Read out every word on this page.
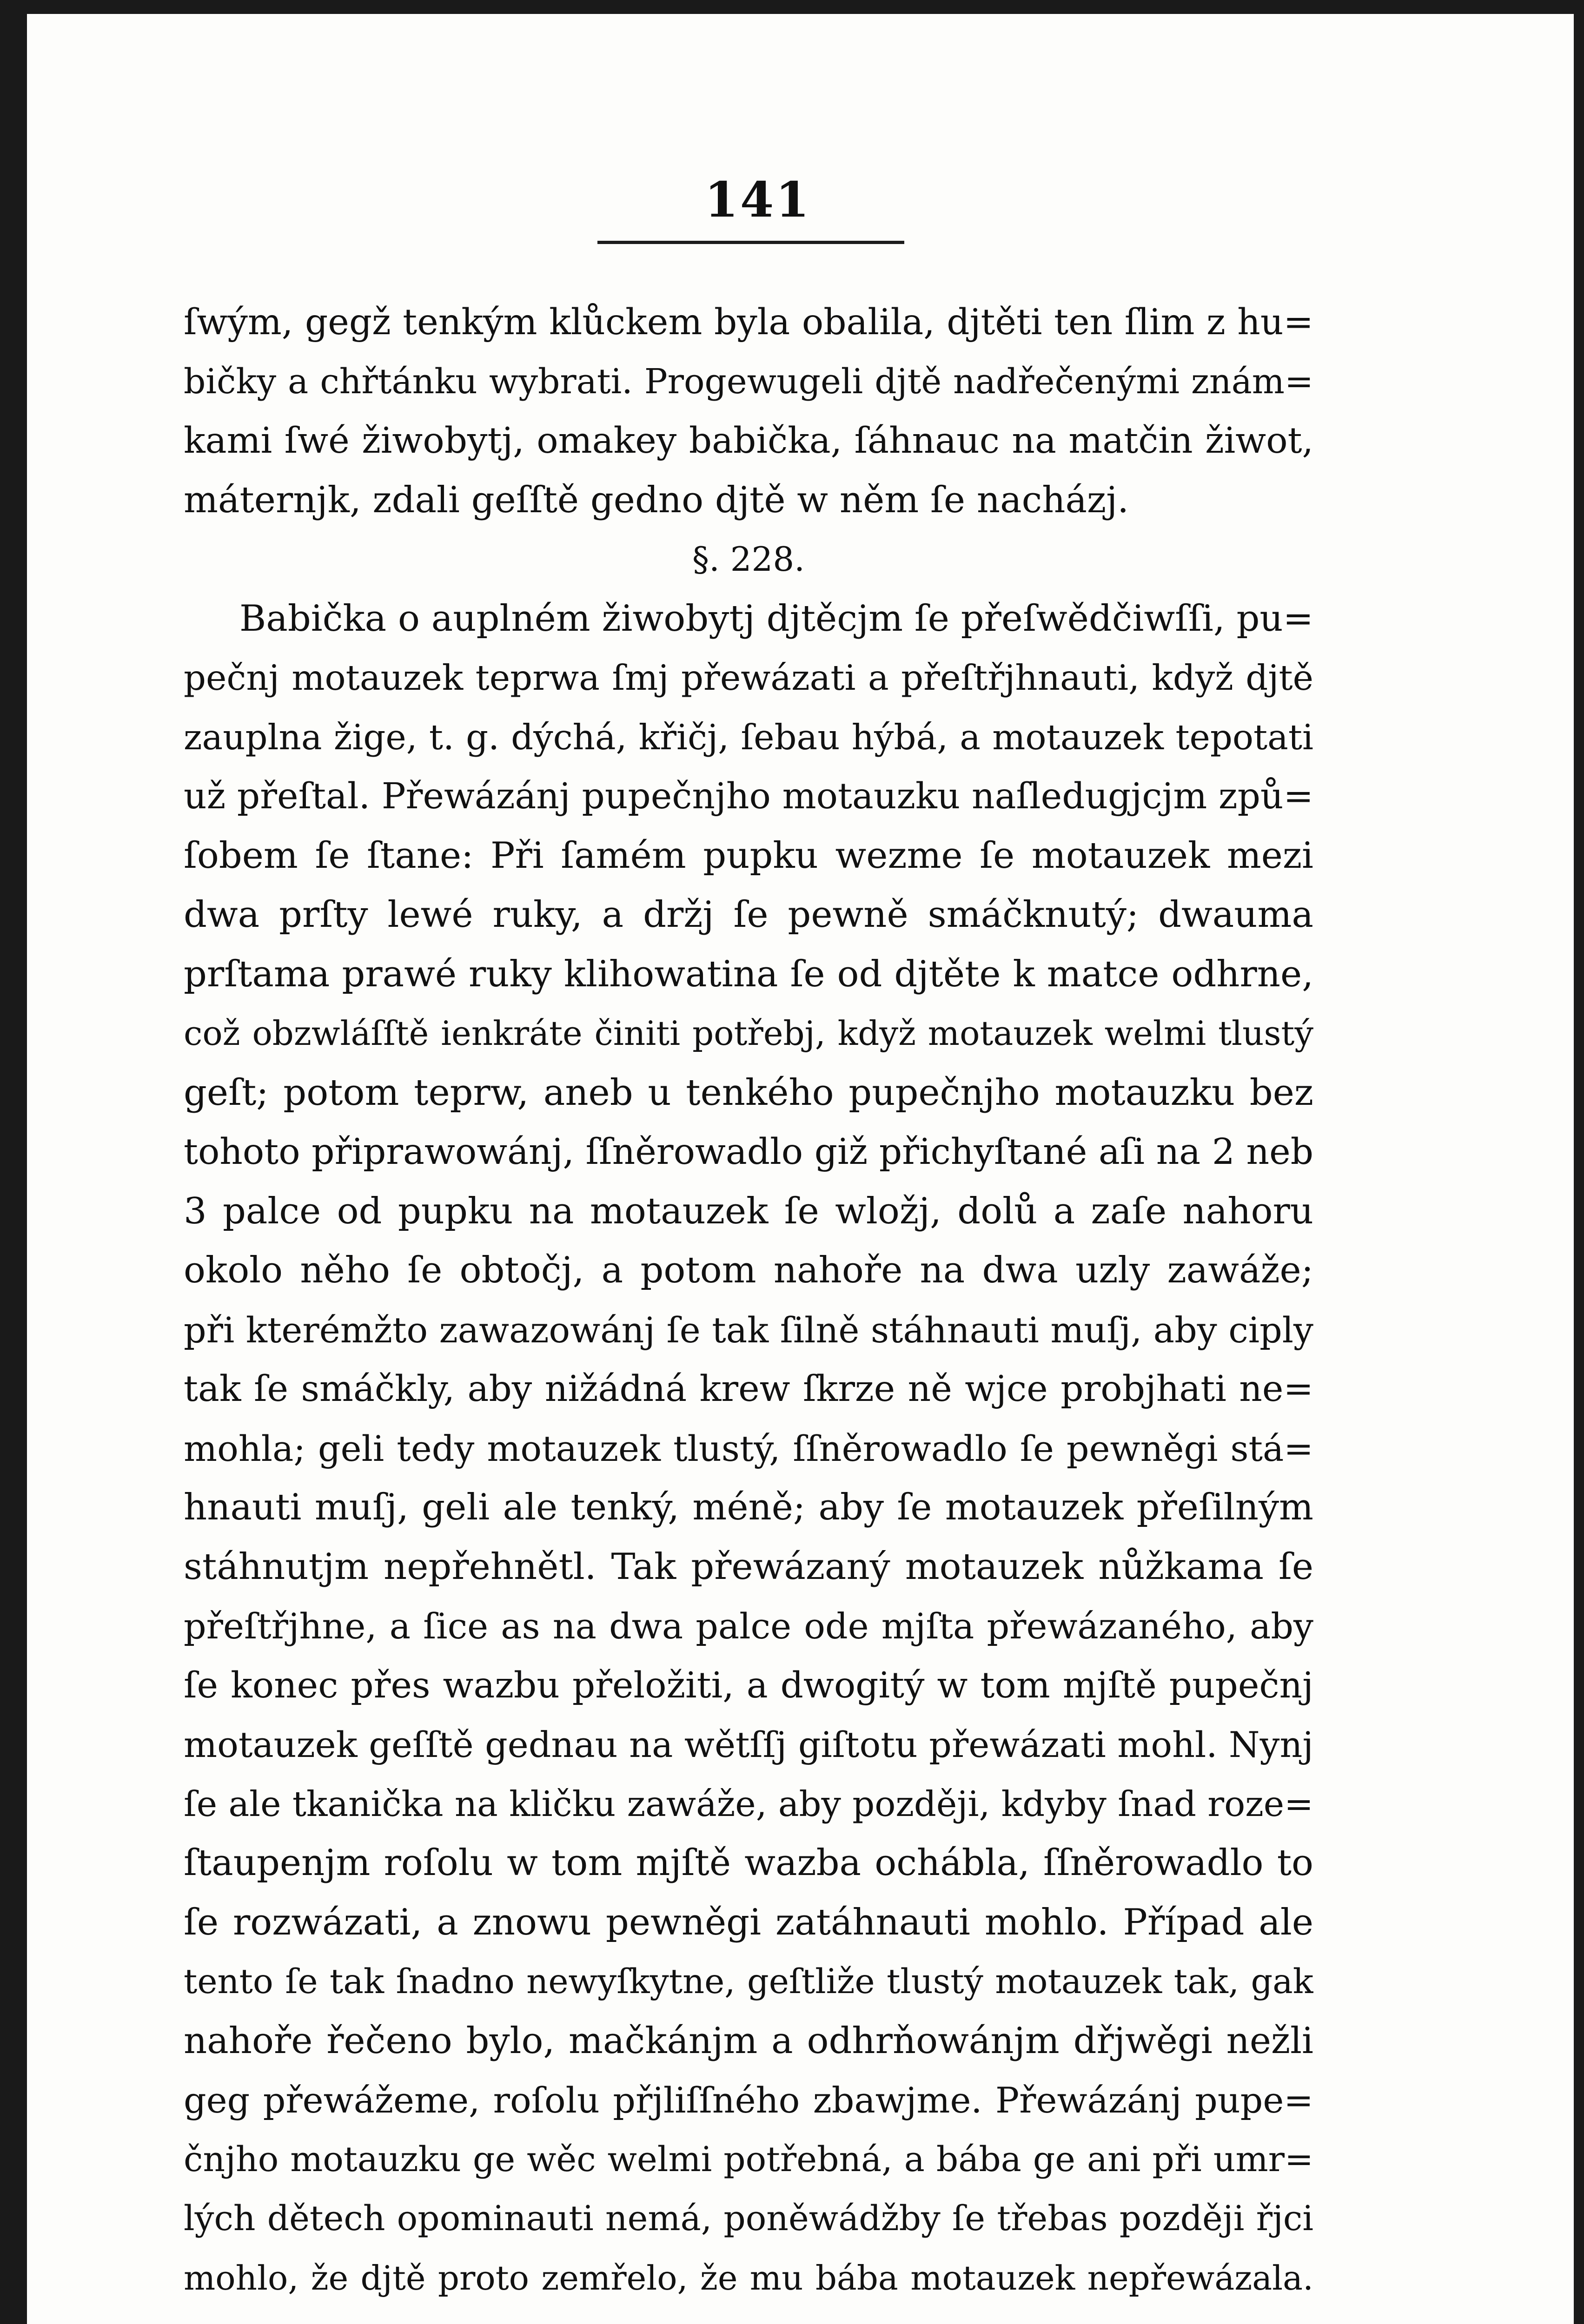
141
ſwým, gegž tenkým klůckem byla obalila, djtěti ten ſlim z hu=
bičky a chřtánku wybrati. Progewugeli djtě nadřečenými znám=
kami ſwé žiwobytj, omakey babička, ſáhnauc na matčin žiwot,
máternjk, zdali geſſtě gedno djtě w něm ſe nacházj.
§. 228.
Babička o auplném žiwobytj djtěcjm ſe přeſwědčiwſſi, pu=
pečnj motauzek teprwa ſmj přewázati a přeſtřjhnauti, když djtě
zauplna žige, t. g. dýchá, křičj, ſebau hýbá, a motauzek tepotati
už přeſtal. Přewázánj pupečnjho motauzku naſledugjcjm způ=
ſobem ſe ſtane: Při ſamém pupku wezme ſe motauzek mezi
dwa prſty lewé ruky, a držj ſe pewně smáčknutý; dwauma
prſtama prawé ruky klihowatina ſe od djtěte k matce odhrne,
což obzwláſſtě ienkráte činiti potřebj, když motauzek welmi tlustý
geſt; potom teprw, aneb u tenkého pupečnjho motauzku bez
tohoto připrawowánj, ſſněrowadlo giž přichyſtané aſi na 2 neb
3 palce od pupku na motauzek ſe wložj, dolů a zaſe nahoru
okolo něho ſe obtočj, a potom nahoře na dwa uzly zawáže;
při kterémžto zawazowánj ſe tak ſilně stáhnauti muſj, aby ciply
tak ſe smáčkly, aby nižádná krew ſkrze ně wjce probjhati ne=
mohla; geli tedy motauzek tlustý, ſſněrowadlo ſe pewněgi stá=
hnauti muſj, geli ale tenký, méně; aby ſe motauzek přeſilným
stáhnutjm nepřehnětl. Tak přewázaný motauzek nůžkama ſe
přeſtřjhne, a ſice as na dwa palce ode mjſta přewázaného, aby
ſe konec přes wazbu přeložiti, a dwogitý w tom mjſtě pupečnj
motauzek geſſtě gednau na wětſſj giſtotu přewázati mohl. Nynj
ſe ale tkanička na kličku zawáže, aby později, kdyby ſnad roze=
ſtaupenjm roſolu w tom mjſtě wazba ochábla, ſſněrowadlo to
ſe rozwázati, a znowu pewněgi zatáhnauti mohlo. Případ ale
tento ſe tak ſnadno newyſkytne, geſtliže tlustý motauzek tak, gak
nahoře řečeno bylo, mačkánjm a odhrňowánjm dřjwěgi nežli
geg přewážeme, roſolu přjliſſného zbawjme. Přewázánj pupe=
čnjho motauzku ge wěc welmi potřebná, a bába ge ani při umr=
lých dětech opominauti nemá, poněwádžby ſe třebas později řjci
mohlo, že djtě proto zemřelo, že mu bába motauzek nepřewázala.
